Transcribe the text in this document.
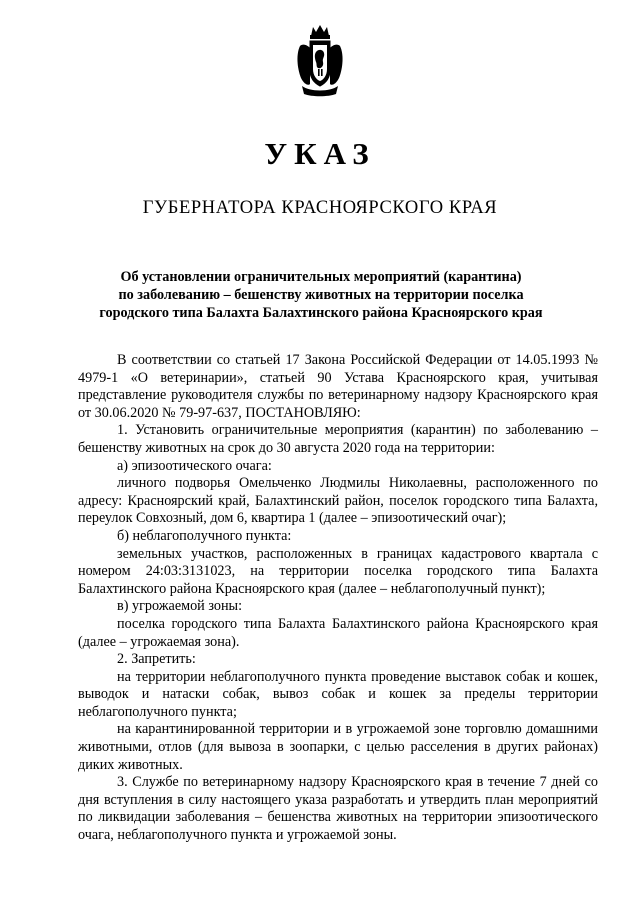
УКАЗ
ГУБЕРНАТОРА КРАСНОЯРСКОГО КРАЯ
Об установлении ограничительных мероприятий (карантина)
по заболеванию – бешенству животных на территории поселка
городского типа Балахта Балахтинского района Красноярского края

В соответствии со статьей 17 Закона Российской Федерации от 14.05.1993 № 4979-1 «О ветеринарии», статьей 90 Устава Красноярского края, учитывая представление руководителя службы по ветеринарному надзору Красноярского края от 30.06.2020 № 79-97-637, ПОСТАНОВЛЯЮ:

1. Установить ограничительные мероприятия (карантин) по заболеванию – бешенству животных на срок до 30 августа 2020 года на территории:

а) эпизоотического очага:

личного подворья Омельченко Людмилы Николаевны, расположенного по адресу: Красноярский край, Балахтинский район, поселок городского типа Балахта, переулок Совхозный, дом 6, квартира 1 (далее – эпизоотический очаг);

б) неблагополучного пункта:

земельных участков, расположенных в границах кадастрового квартала с номером 24:03:3131023, на территории поселка городского типа Балахта Балахтинского района Красноярского края (далее – неблагополучный пункт);

в) угрожаемой зоны:

поселка городского типа Балахта Балахтинского района Красноярского края (далее – угрожаемая зона).

2. Запретить:

на территории неблагополучного пункта проведение выставок собак и кошек, выводок и натаски собак, вывоз собак и кошек за пределы территории неблагополучного пункта;

на карантинированной территории и в угрожаемой зоне торговлю домашними животными, отлов (для вывоза в зоопарки, с целью расселения в других районах) диких животных.

3. Службе по ветеринарному надзору Красноярского края в течение 7 дней со дня вступления в силу настоящего указа разработать и утвердить план мероприятий по ликвидации заболевания – бешенства животных на территории эпизоотического очага, неблагополучного пункта и угрожаемой зоны.
